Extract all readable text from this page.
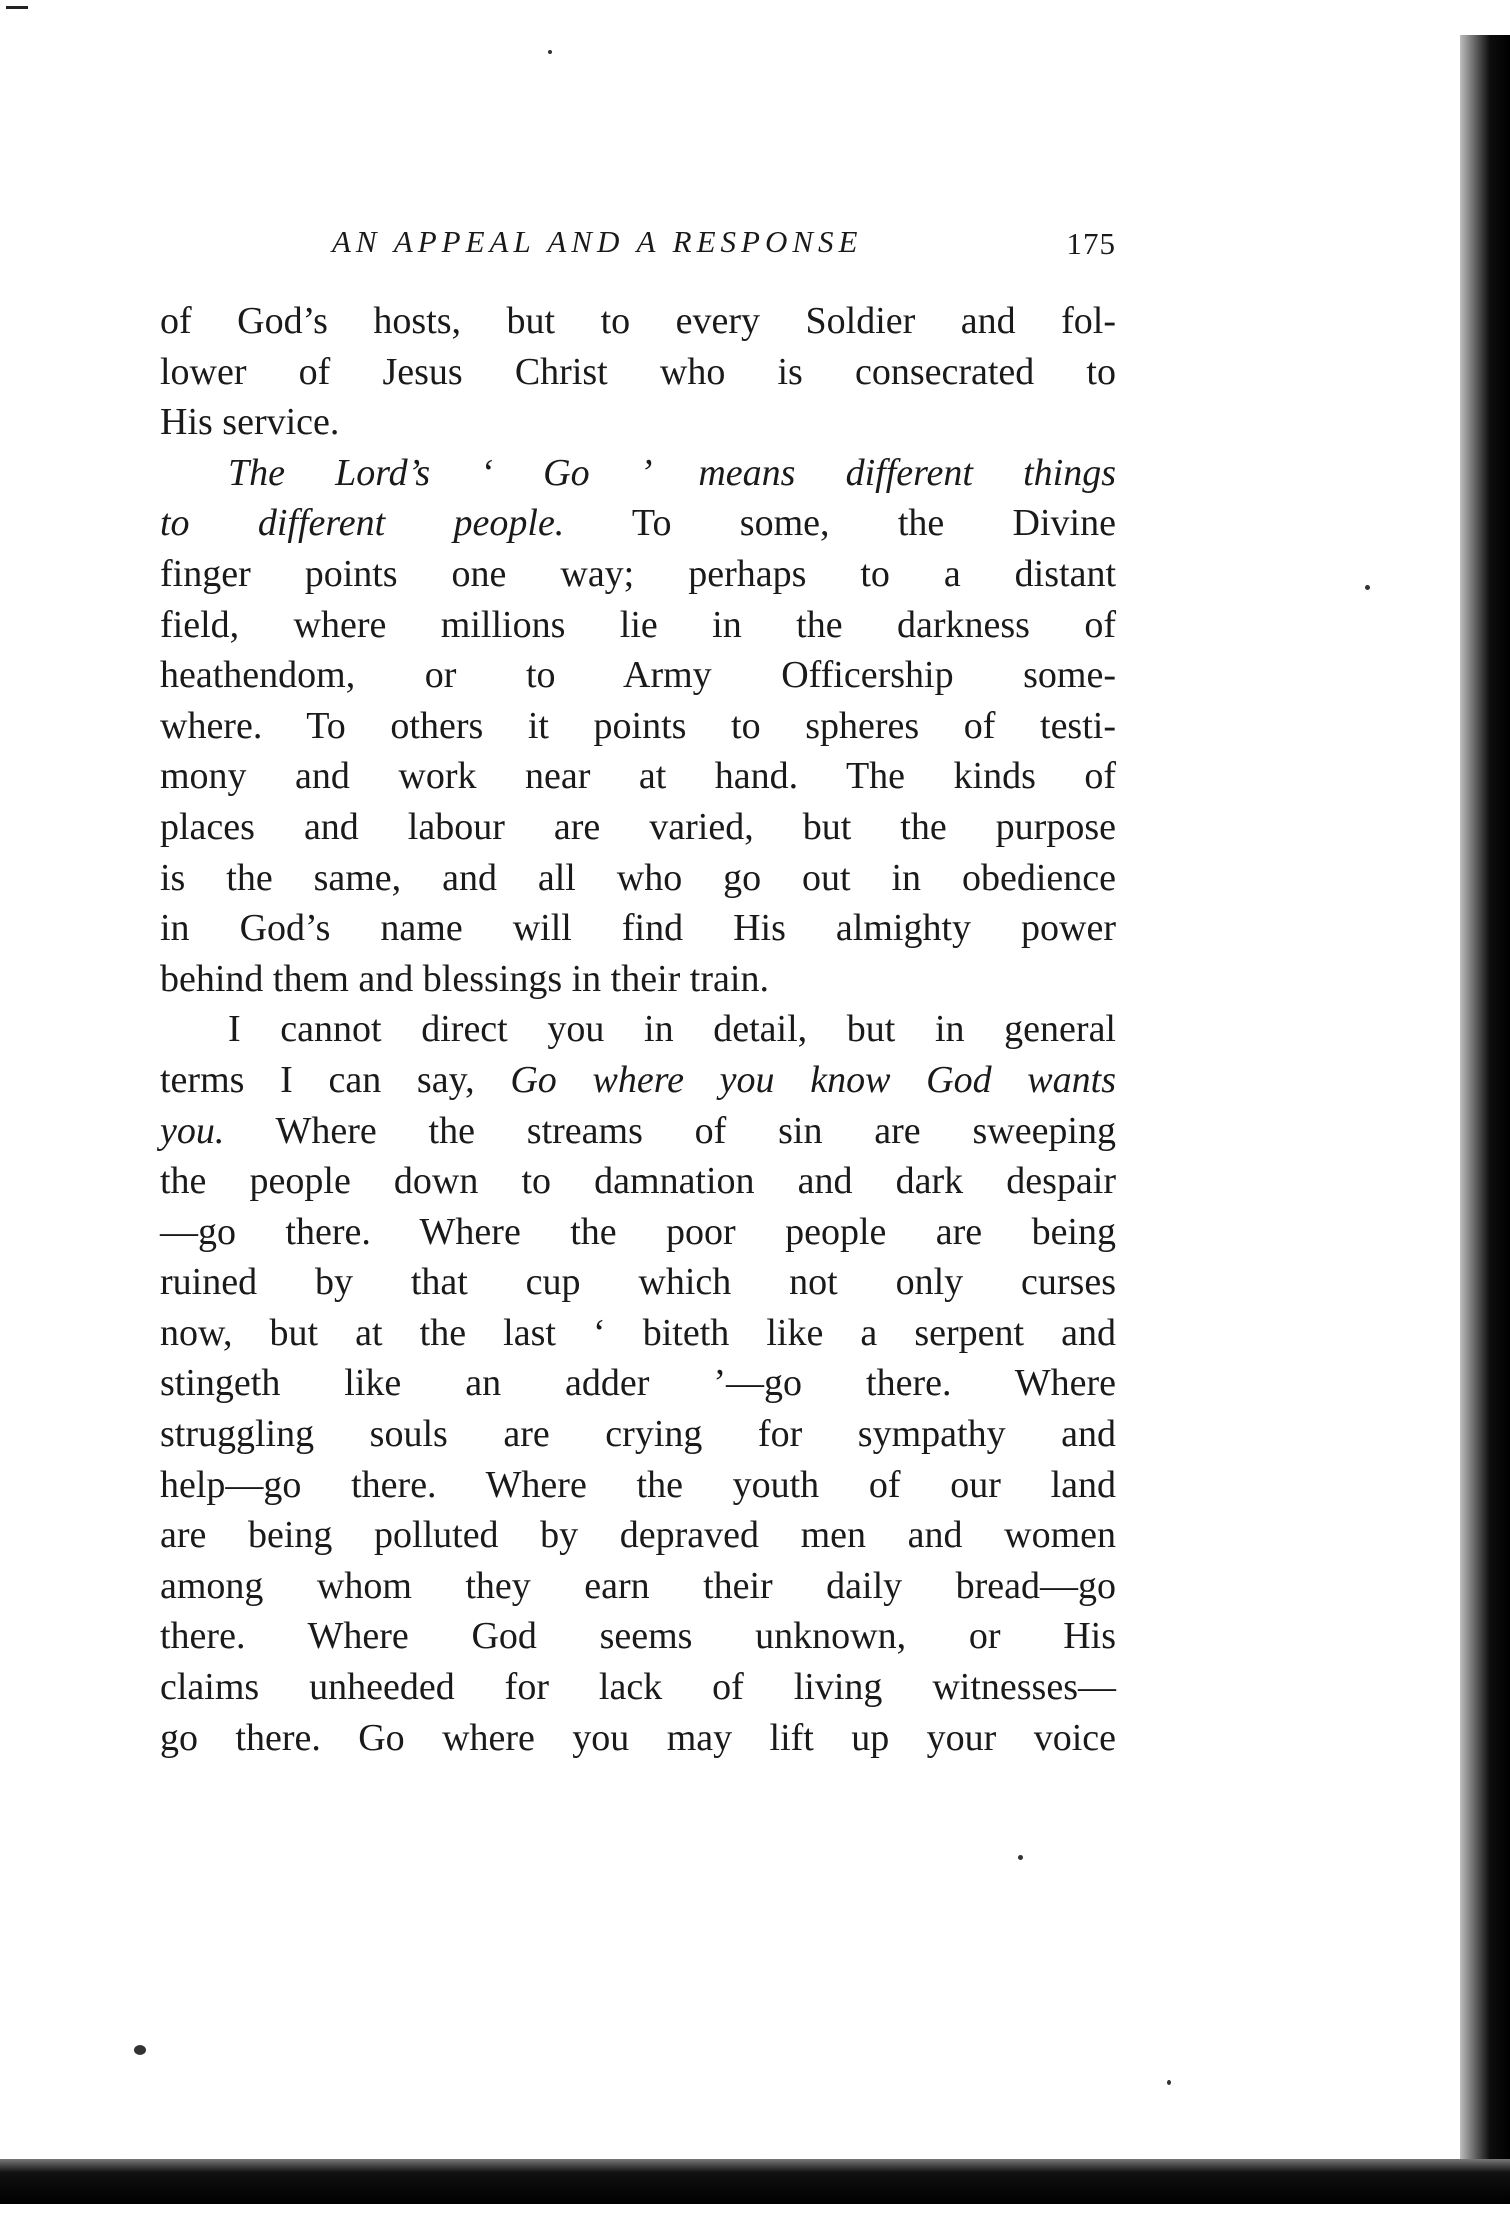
AN APPEAL AND A RESPONSE	175
of God’s hosts, but to every Soldier and fol-
lower of Jesus Christ who is consecrated to
His service.
The Lord’s ‘ Go ’ means different things
to different people. To some, the Divine
finger points one way; perhaps to a distant
field, where millions lie in the darkness of
heathendom, or to Army Officership some-
where. To others it points to spheres of testi-
mony and work near at hand. The kinds of
places and labour are varied, but the purpose
is the same, and all who go out in obedience
in God’s name will find His almighty power
behind them and blessings in their train.
I cannot direct you in detail, but in general
terms I can say, Go where you know God wants
you. Where the streams of sin are sweeping
the people down to damnation and dark despair
—go there. Where the poor people are being
ruined by that cup which not only curses
now, but at the last ‘ biteth like a serpent and
stingeth like an adder ’—go there. Where
struggling souls are crying for sympathy and
help—go there. Where the youth of our land
are being polluted by depraved men and women
among whom they earn their daily bread—go
there. Where God seems unknown, or His
claims unheeded for lack of living witnesses—
go there. Go where you may lift up your voice
